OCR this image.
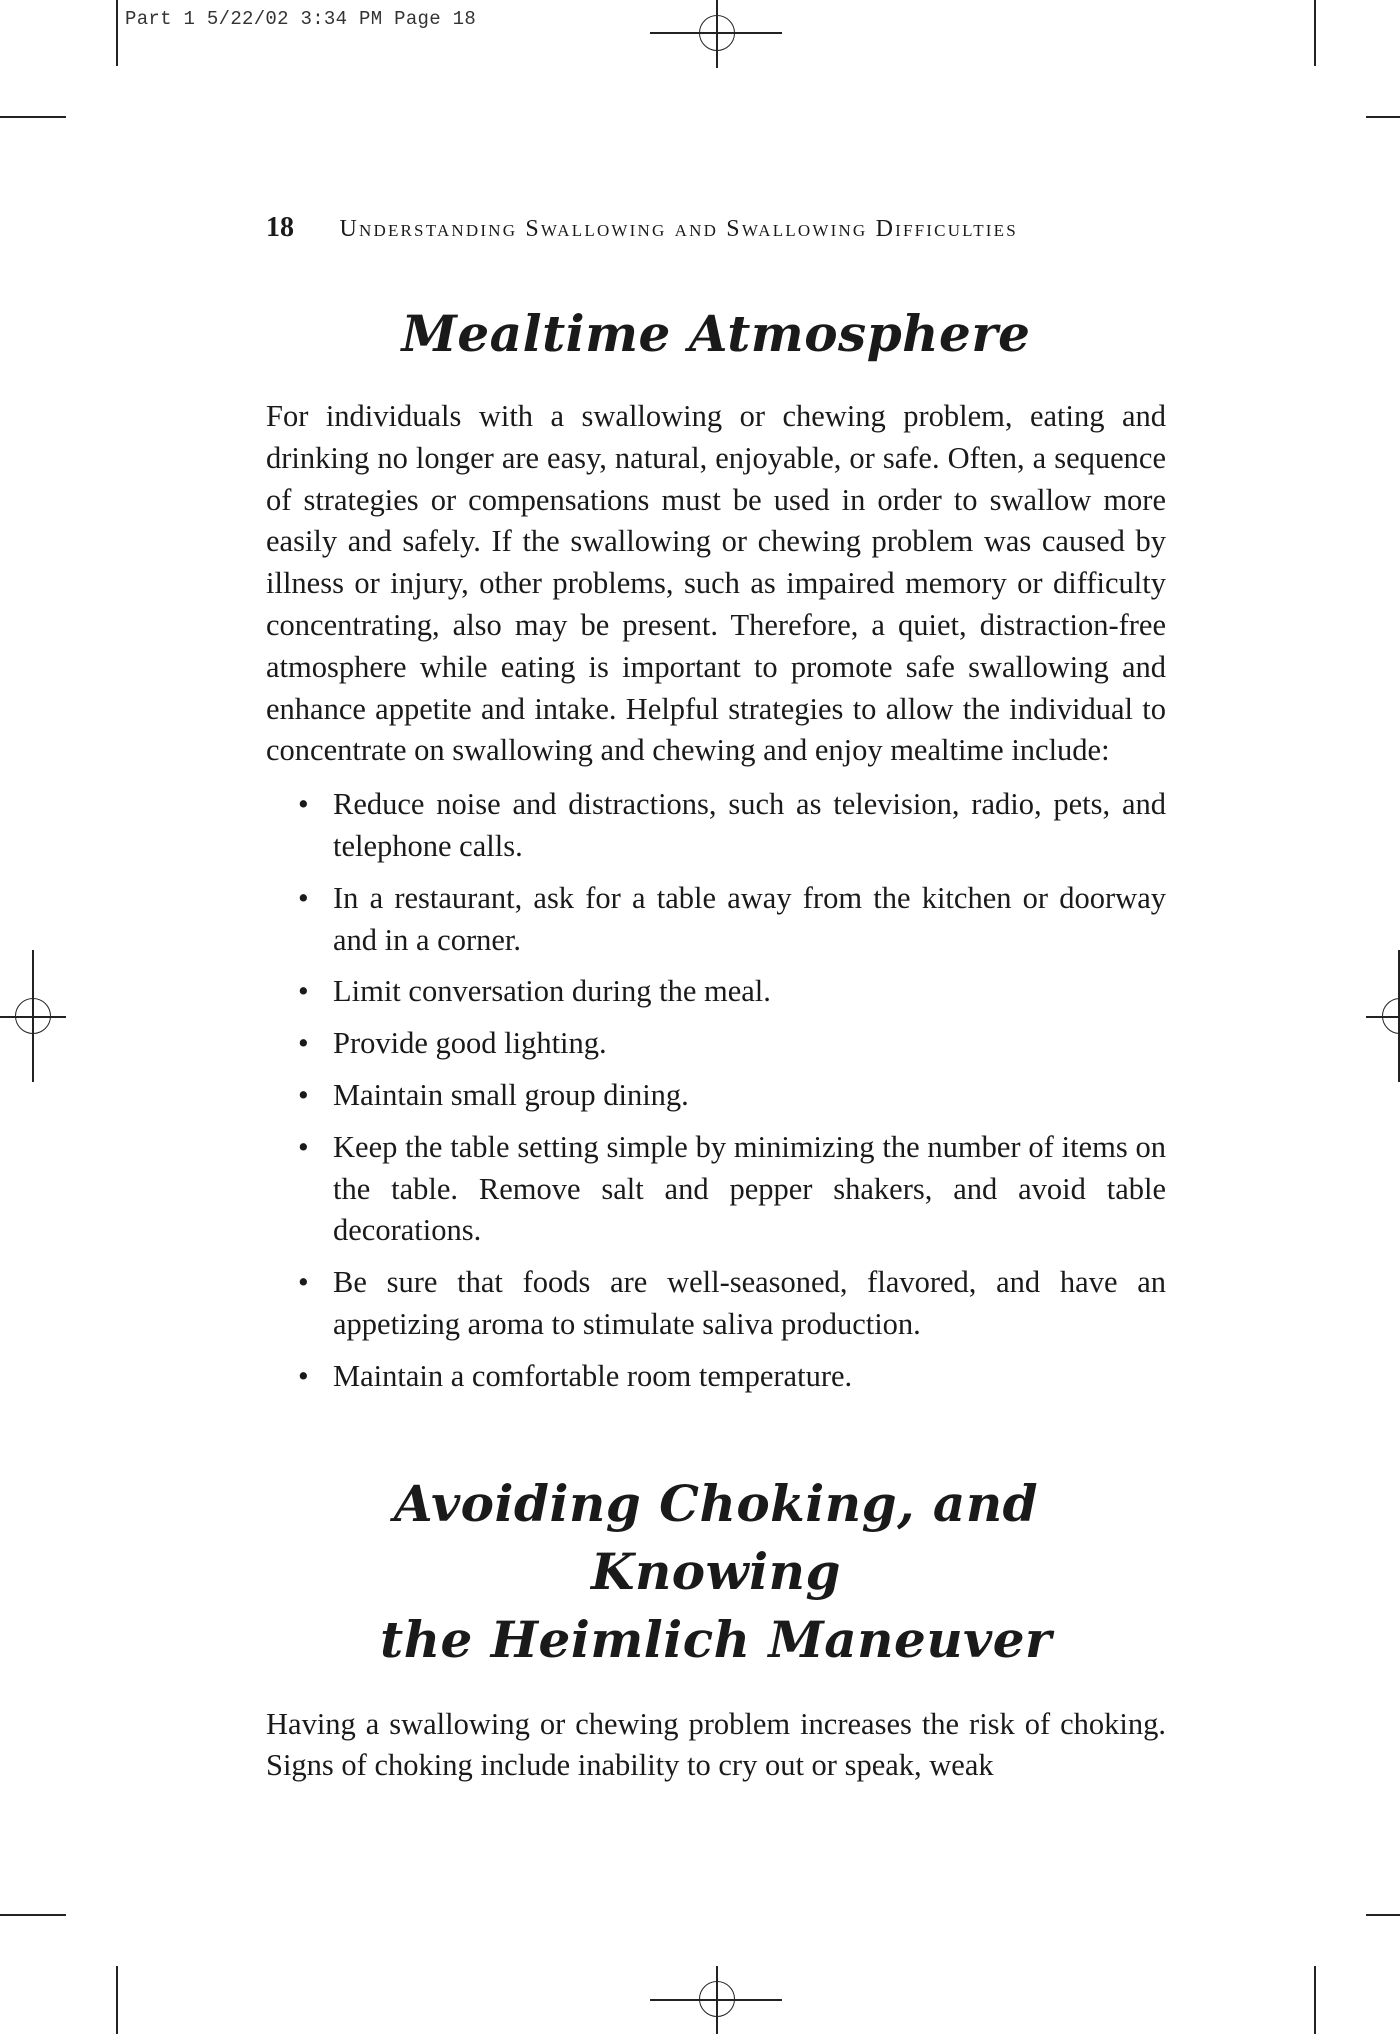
Part 1 5/22/02 3:34 PM Page 18
18 Understanding Swallowing and Swallowing Difficulties
Mealtime Atmosphere

For individuals with a swallowing or chewing problem, eating and drinking no longer are easy, natural, enjoyable, or safe. Often, a sequence of strategies or compensations must be used in order to swallow more easily and safely. If the swallowing or chewing problem was caused by illness or injury, other problems, such as impaired memory or difficulty concentrating, also may be present. Therefore, a quiet, distraction-free atmosphere while eating is important to promote safe swallowing and enhance appetite and intake. Helpful strategies to allow the individual to concentrate on swallowing and chewing and enjoy mealtime include:

• Reduce noise and distractions, such as television, radio, pets, and telephone calls.
• In a restaurant, ask for a table away from the kitchen or doorway and in a corner.
• Limit conversation during the meal.
• Provide good lighting.
• Maintain small group dining.
• Keep the table setting simple by minimizing the number of items on the table. Remove salt and pepper shakers, and avoid table decorations.
• Be sure that foods are well-seasoned, flavored, and have an appetizing aroma to stimulate saliva production.
• Maintain a comfortable room temperature.
Avoiding Choking, and Knowing
the Heimlich Maneuver

Having a swallowing or chewing problem increases the risk of choking. Signs of choking include inability to cry out or speak, weak
